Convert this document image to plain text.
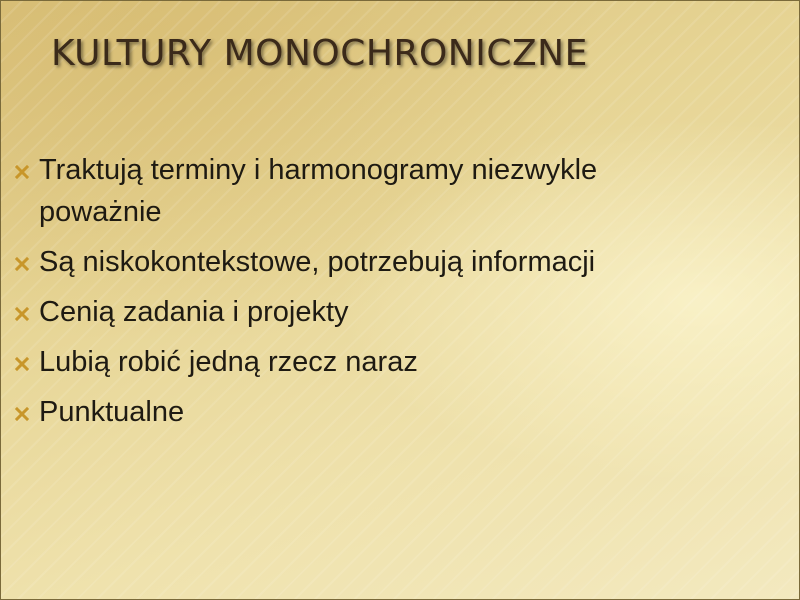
KULTURY MONOCHRONICZNE
Traktują terminy i harmonogramy niezwykle poważnie
Są niskokontekstowe, potrzebują informacji
Cenią zadania i projekty
Lubią robić jedną rzecz naraz
Punktualne
